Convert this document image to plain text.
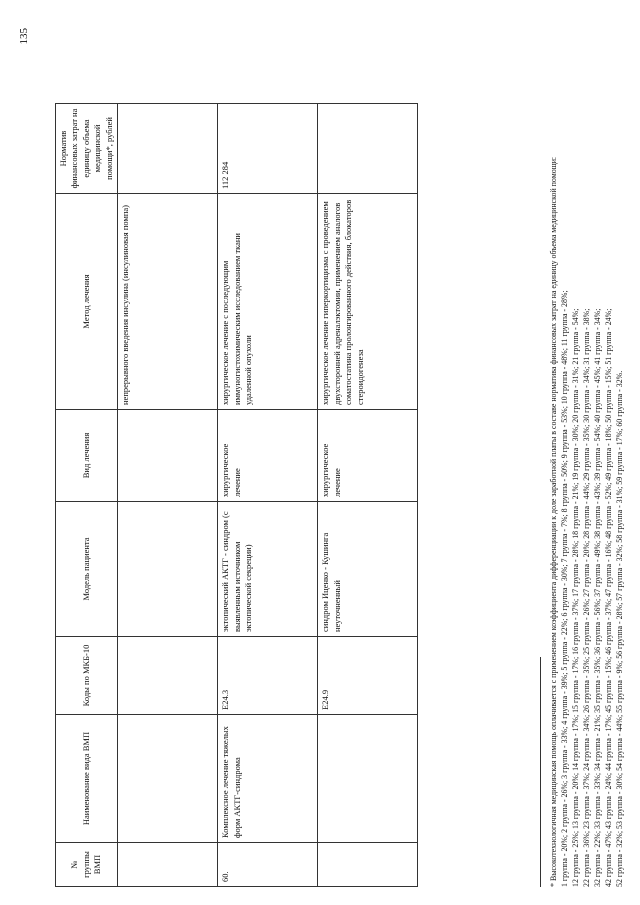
135
№ группы ВМП	Наименование вида ВМП	Коды по МКБ-10	Модель пациента	Вид лечения	Метод лечения	Норматив финансовых затрат на единицу объема медицинской помощи*, рублей
					непрерывного введения инсулина (инсулиновая помпа)	
60.	Комплексное лечение тяжелых форм АКТГ-синдрома	E24.3	эктопический АКТГ - синдром (с выявленным источником эктопической секреции)	хирургическое лечение	хирургическое лечение с последующим иммуногистохимическим исследованием ткани удаленной опухоли	112 284
		E24.9	синдром Иценко - Кушинга неуточненный	хирургическое лечение	хирургическое лечение гиперкортицизма с проведением двухсторонней адреналэктомии, применением аналогов соматостатина пролонгированного действия, блокаторов стероидогенеза	

*Высокотехнологичная медицинская помощь оплачивается с применением коэффициента дифференциации к доле заработной платы в составе норматива финансовых затрат на единицу объема медицинской помощи: 1 группа - 20%; 2 группа - 26%; 3 группа - 33%; 4 группа - 39%; 5 группа - 22%; 6 группа - 30%; 7 группа - 7%; 8 группа - 50%; 9 группа - 53%; 10 группа - 48%; 11 группа - 28%; 12 группа - 25%; 13 группа - 20%; 14 группа - 17%; 15 группа - 17%; 16 группа - 37%; 17 группа - 28%; 18 группа - 21%; 19 группа - 30%; 20 группа - 31%; 21 группа - 54%; 22 группа - 36%; 23 группа - 37%; 24 группа - 34%; 26 группа - 35%; 25 группа - 26%; 27 группа - 20%; 28 группа - 44%; 29 группа - 35%; 30 группа - 34%; 31 группа - 38%; 32 группа - 22%; 33 группа - 33%; 34 группа - 21%; 35 группа - 35%; 36 группа - 56%; 37 группа - 49%; 38 группа - 43%; 39 группа - 54%; 40 группа - 45%; 41 группа - 34%; 42 группа - 47%; 43 группа - 24%; 44 группа - 17%; 45 группа - 15%; 46 группа - 37%; 47 группа - 16%; 48 группа - 52%; 49 группа - 18%; 50 группа - 15%; 51 группа - 24%; 52 группа - 32%; 53 группа - 30%; 54 группа - 44%; 55 группа - 9%; 56 группа - 28%; 57 группа - 32%; 58 группа - 31%; 59 группа - 17%; 60 группа - 32%.
